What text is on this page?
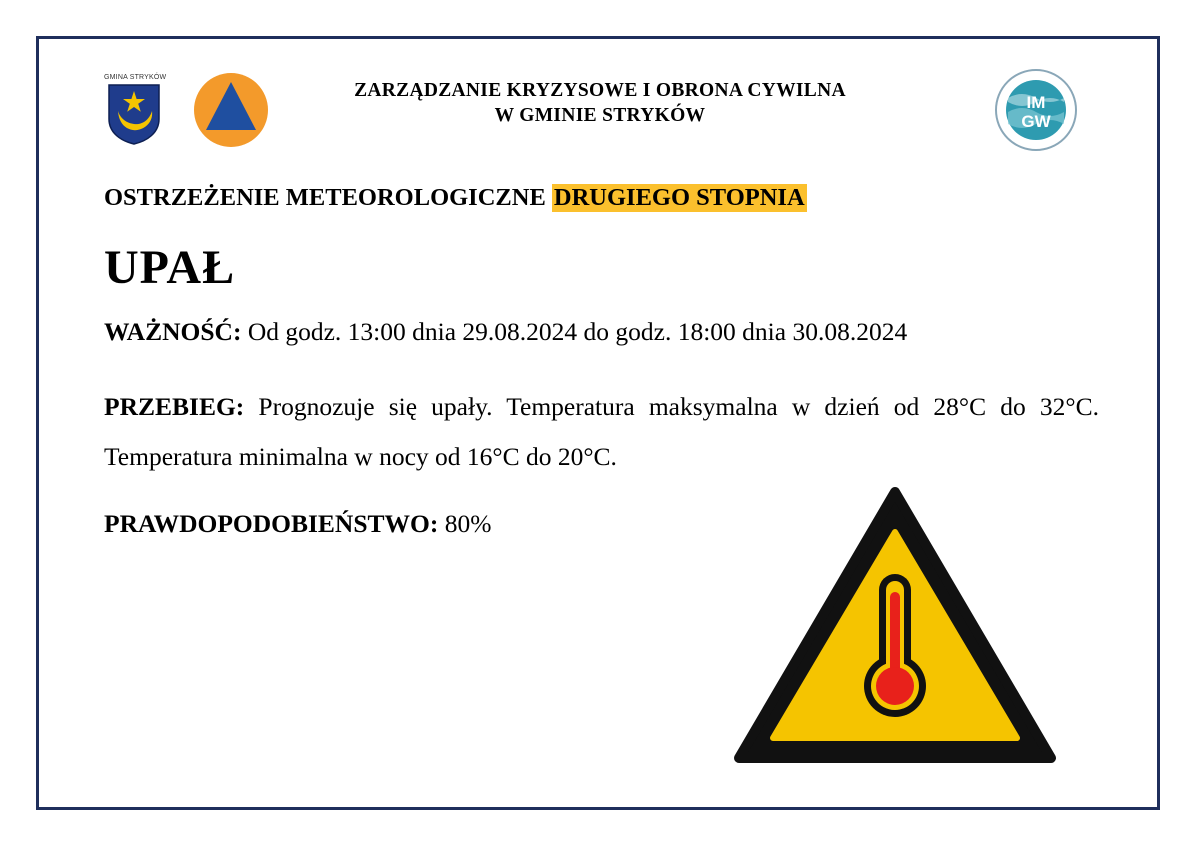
GMINA STRYKÓW
ZARZĄDZANIE KRYZYSOWE I OBRONA CYWILNA
W GMINIE STRYKÓW
IM
GW
OSTRZEŻENIE METEOROLOGICZNE DRUGIEGO STOPNIA
UPAŁ
WAŻNOŚĆ: Od godz. 13:00 dnia 29.08.2024 do godz. 18:00 dnia 30.08.2024
PRZEBIEG: Prognozuje się upały. Temperatura maksymalna w dzień od 28°C do 32°C. Temperatura minimalna w nocy od 16°C do 20°C.
PRAWDOPODOBIEŃSTWO: 80%
